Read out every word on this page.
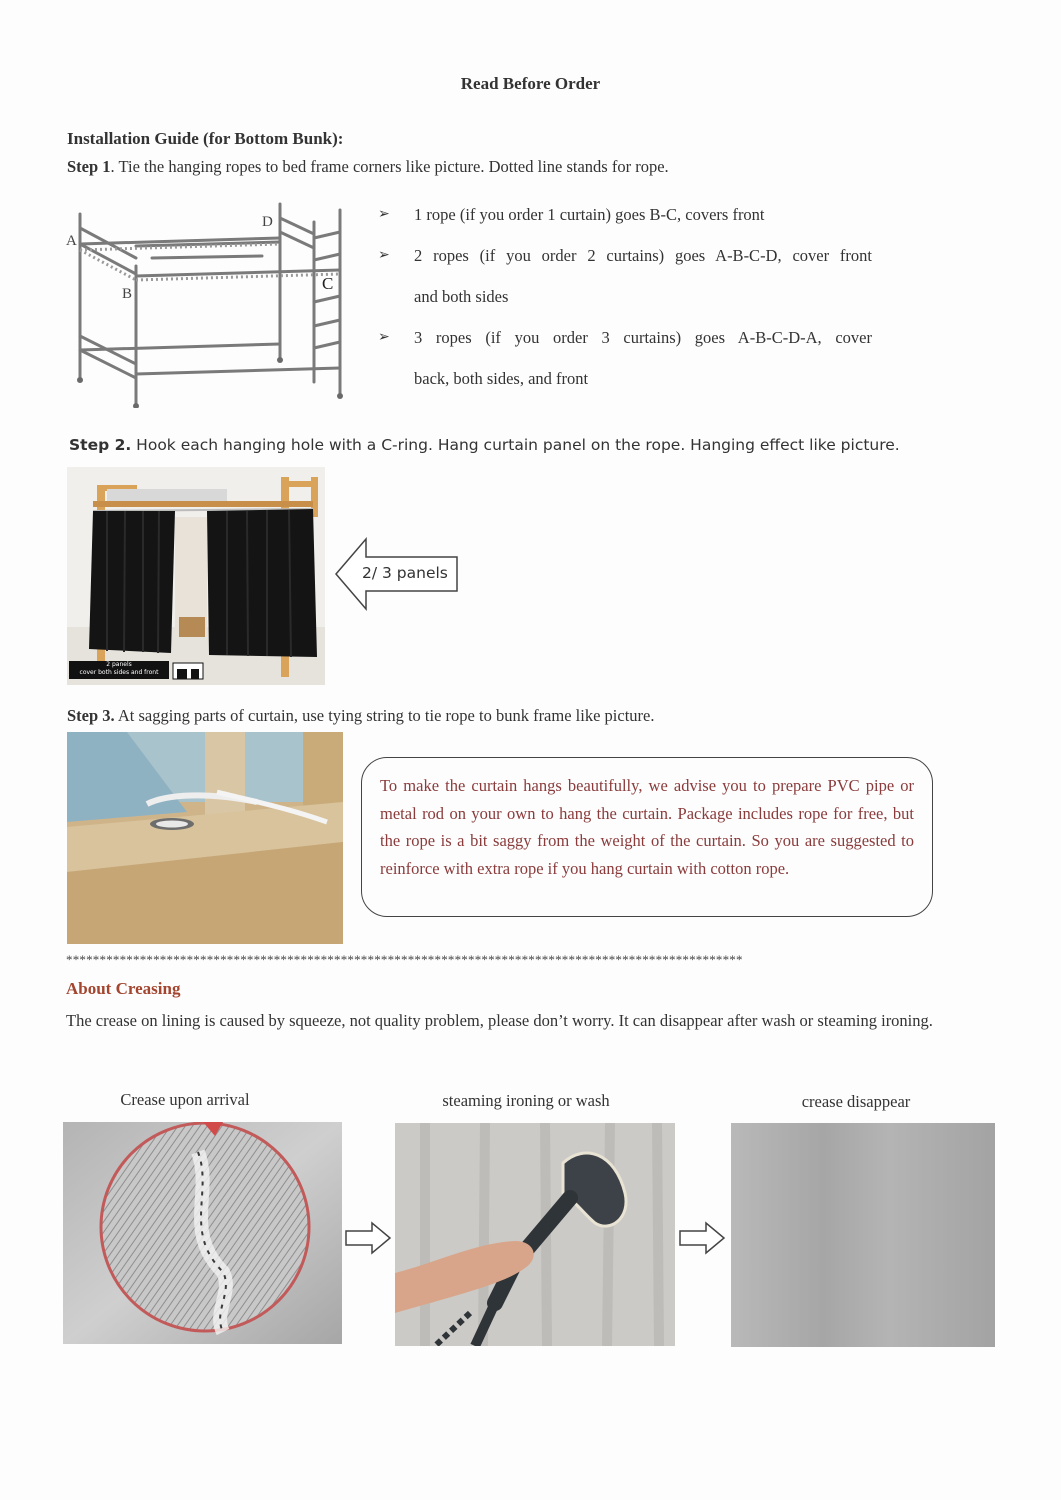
Read Before Order
Installation Guide (for Bottom Bunk):
Step 1. Tie the hanging ropes to bed frame corners like picture. Dotted line stands for rope.
A
B
C
D	➢ 1 rope (if you order 1 curtain) goes B-C, covers front
➢ 2 ropes (if you order 2 curtains) goes A-B-C-D, cover front
and both sides
➢ 3 ropes (if you order 3 curtains) goes A-B-C-D-A, cover
back, both sides, and front
Step 2. Hook each hanging hole with a C-ring. Hang curtain panel on the rope. Hanging effect like picture.
2 panels
cover both sides and front
2/ 3 panels
Step 3. At sagging parts of curtain, use tying string to tie rope to bunk frame like picture.
To make the curtain hangs beautifully, we advise you to prepare PVC pipe or metal rod on your own to hang the curtain. Package includes rope for free, but the rope is a bit saggy from the weight of the curtain. So you are suggested to reinforce with extra rope if you hang curtain with cotton rope.
*****************************************************************************************************
About Creasing
The crease on lining is caused by squeeze, not quality problem, please don’t worry. It can disappear after wash or steaming ironing.
Crease upon arrival	steaming ironing or wash	crease disappear
